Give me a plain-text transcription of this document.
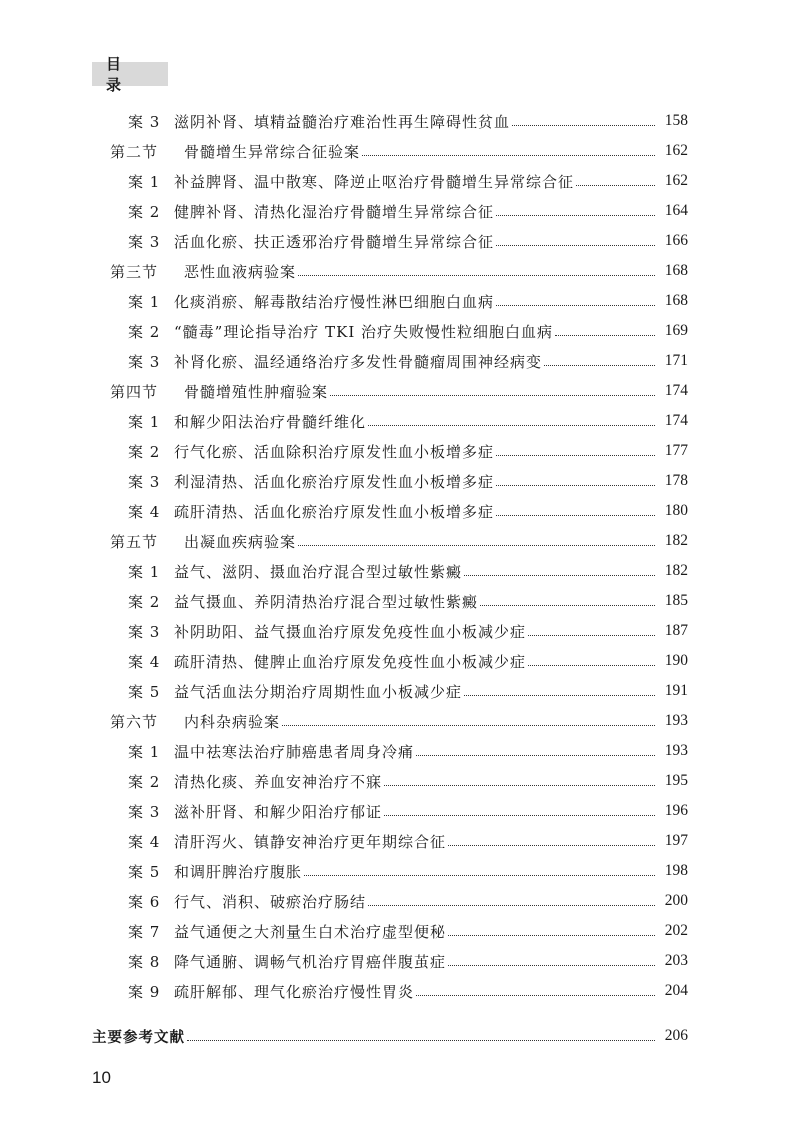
目 录
案 3 滋阴补肾、填精益髓治疗难治性再生障碍性贫血	158
第二节	骨髓增生异常综合征验案	162
案 1 补益脾肾、温中散寒、降逆止呕治疗骨髓增生异常综合征	162
案 2 健脾补肾、清热化湿治疗骨髓增生异常综合征	164
案 3 活血化瘀、扶正透邪治疗骨髓增生异常综合征	166
第三节	恶性血液病验案	168
案 1 化痰消瘀、解毒散结治疗慢性淋巴细胞白血病	168
案 2 “髓毒”理论指导治疗 TKI 治疗失败慢性粒细胞白血病	169
案 3 补肾化瘀、温经通络治疗多发性骨髓瘤周围神经病变	171
第四节	骨髓增殖性肿瘤验案	174
案 1 和解少阳法治疗骨髓纤维化	174
案 2 行气化瘀、活血除积治疗原发性血小板增多症	177
案 3 利湿清热、活血化瘀治疗原发性血小板增多症	178
案 4 疏肝清热、活血化瘀治疗原发性血小板增多症	180
第五节	出凝血疾病验案	182
案 1 益气、滋阴、摄血治疗混合型过敏性紫癜	182
案 2 益气摄血、养阴清热治疗混合型过敏性紫癜	185
案 3 补阴助阳、益气摄血治疗原发免疫性血小板减少症	187
案 4 疏肝清热、健脾止血治疗原发免疫性血小板减少症	190
案 5 益气活血法分期治疗周期性血小板减少症	191
第六节	内科杂病验案	193
案 1 温中祛寒法治疗肺癌患者周身冷痛	193
案 2 清热化痰、养血安神治疗不寐	195
案 3 滋补肝肾、和解少阳治疗郁证	196
案 4 清肝泻火、镇静安神治疗更年期综合征	197
案 5 和调肝脾治疗腹胀	198
案 6 行气、消积、破瘀治疗肠结	200
案 7 益气通便之大剂量生白术治疗虚型便秘	202
案 8 降气通腑、调畅气机治疗胃癌伴腹茧症	203
案 9 疏肝解郁、理气化瘀治疗慢性胃炎	204
主要参考文献	206
10
